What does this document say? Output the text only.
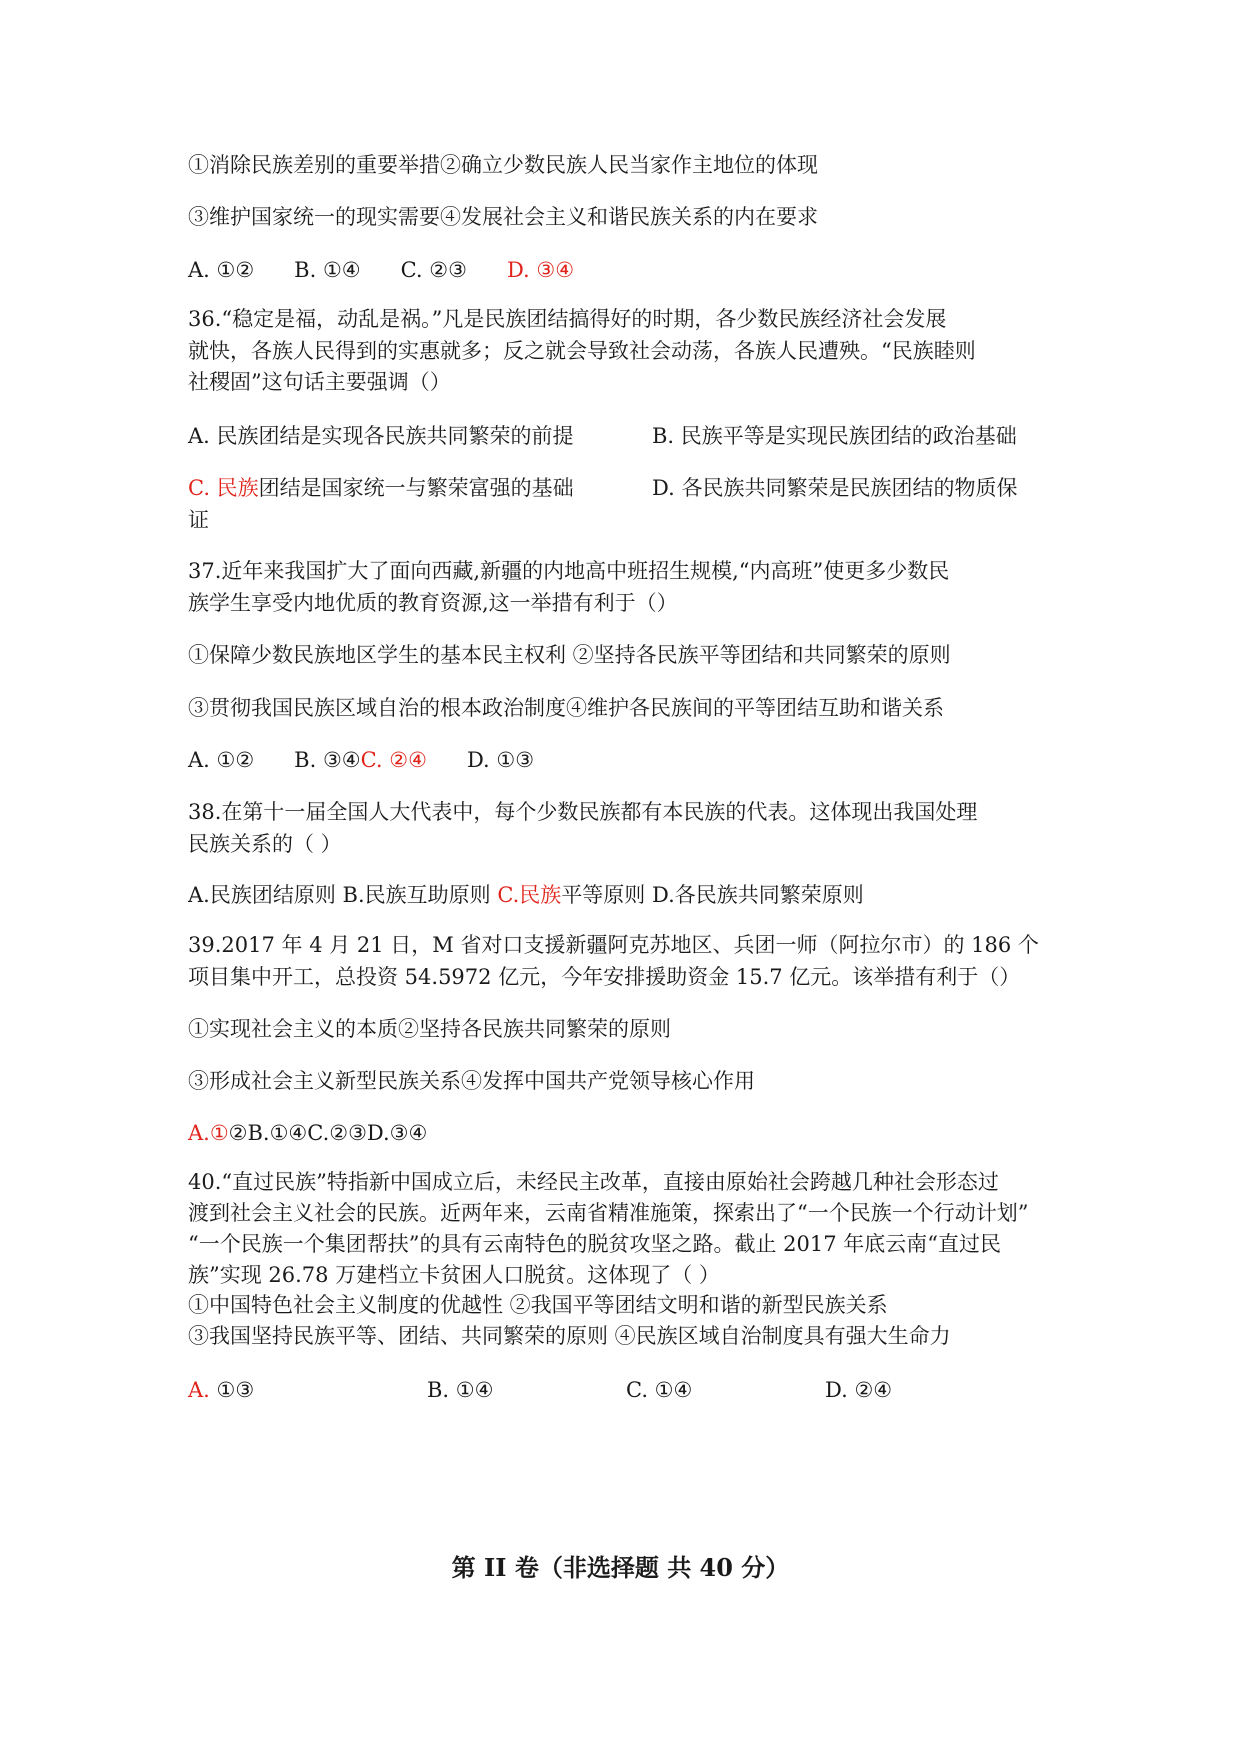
①消除民族差别的重要举措②确立少数民族人民当家作主地位的体现
③维护国家统一的现实需要④发展社会主义和谐民族关系的内在要求
A. ①② B. ①④ C. ②③ D. ③④
36.“稳定是福，动乱是祸。”凡是民族团结搞得好的时期，各少数民族经济社会发展
就快，各族人民得到的实惠就多；反之就会导致社会动荡，各族人民遭殃。“民族睦则
社稷固”这句话主要强调（）
A. 民族团结是实现各民族共同繁荣的前提	B. 民族平等是实现民族团结的政治基础
C. 民族团结是国家统一与繁荣富强的基础	D. 各民族共同繁荣是民族团结的物质保
证
37.近年来我国扩大了面向西藏,新疆的内地高中班招生规模,“内高班”使更多少数民
族学生享受内地优质的教育资源,这一举措有利于（）
①保障少数民族地区学生的基本民主权利 ②坚持各民族平等团结和共同繁荣的原则
③贯彻我国民族区域自治的根本政治制度④维护各民族间的平等团结互助和谐关系
A. ①② B. ③④C. ②④ D. ①③
38.在第十一届全国人大代表中，每个少数民族都有本民族的代表。这体现出我国处理
民族关系的（ ）
A.民族团结原则 B.民族互助原则 C.民族平等原则 D.各民族共同繁荣原则
39.2017 年 4 月 21 日，M 省对口支援新疆阿克苏地区、兵团一师（阿拉尔市）的 186 个
项目集中开工，总投资 54.5972 亿元，今年安排援助资金 15.7 亿元。该举措有利于（）
①实现社会主义的本质②坚持各民族共同繁荣的原则
③形成社会主义新型民族关系④发挥中国共产党领导核心作用
A.①②B.①④C.②③D.③④
40.“直过民族”特指新中国成立后，未经民主改革，直接由原始社会跨越几种社会形态过
渡到社会主义社会的民族。近两年来，云南省精准施策，探索出了“一个民族一个行动计划”
“一个民族一个集团帮扶”的具有云南特色的脱贫攻坚之路。截止 2017 年底云南“直过民
族”实现 26.78 万建档立卡贫困人口脱贫。这体现了（ ）
①中国特色社会主义制度的优越性 ②我国平等团结文明和谐的新型民族关系
③我国坚持民族平等、团结、共同繁荣的原则 ④民族区域自治制度具有强大生命力
A. ①③	B. ①④	C. ①④	D. ②④
第 II 卷（非选择题 共 40 分）
